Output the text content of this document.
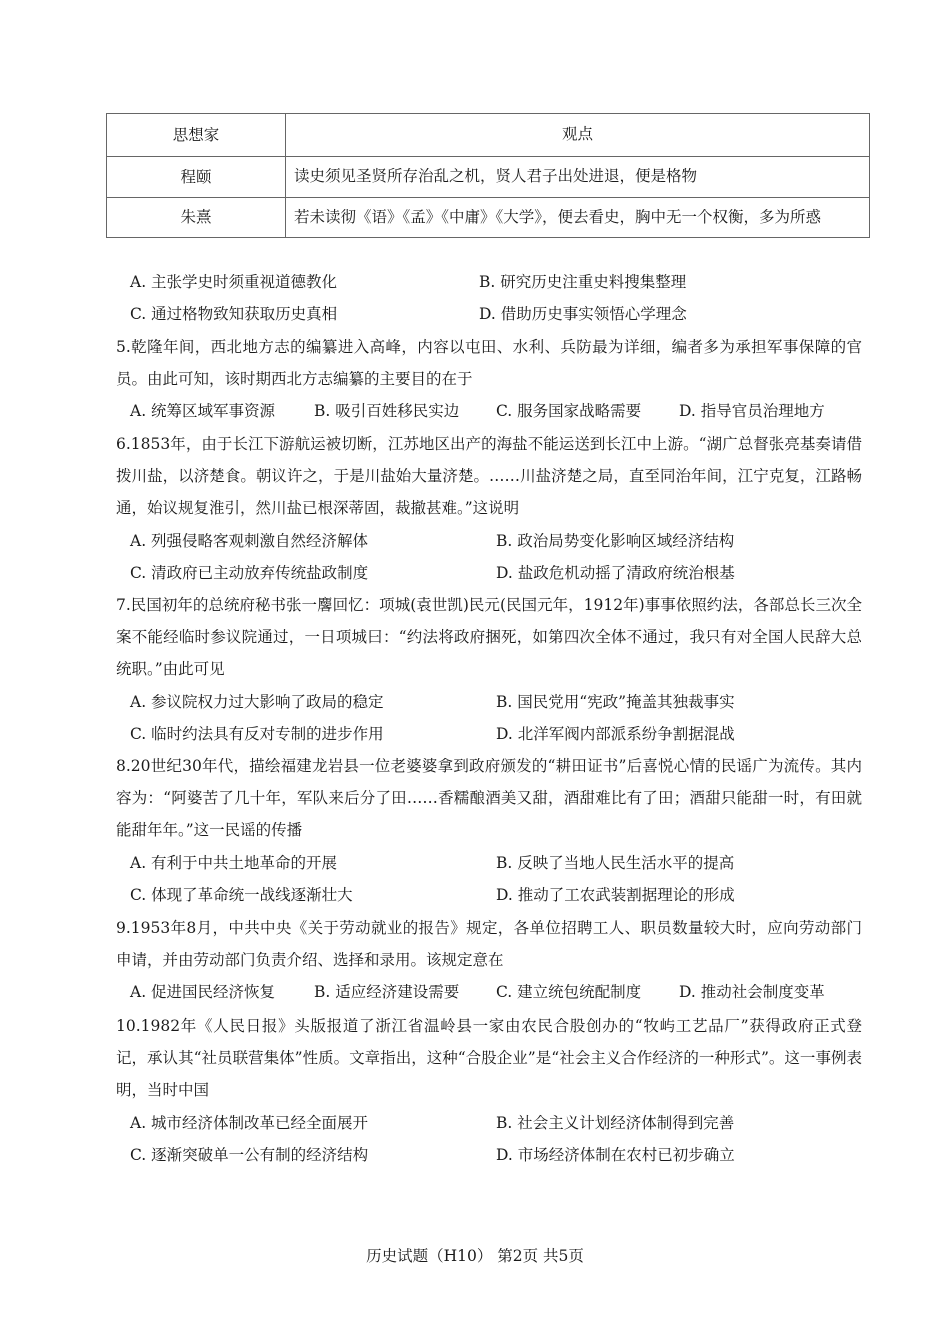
思想家	观点
程颐	读史须见圣贤所存治乱之机，贤人君子出处进退，便是格物
朱熹	若未读彻《语》《孟》《中庸》《大学》，便去看史，胸中无一个权衡，多为所惑
A. 主张学史时须重视道德教化	B. 研究历史注重史料搜集整理
C. 通过格物致知获取历史真相	D. 借助历史事实领悟心学理念
5.乾隆年间，西北地方志的编纂进入高峰，内容以屯田、水利、兵防最为详细，编者多为承担军事保障的官员。由此可知，该时期西北方志编纂的主要目的在于
A. 统筹区域军事资源	B. 吸引百姓移民实边 C. 服务国家战略需要 D. 指导官员治理地方
6.1853年，由于长江下游航运被切断，江苏地区出产的海盐不能运送到长江中上游。“湖广总督张亮基奏请借拨川盐，以济楚食。朝议许之，于是川盐始大量济楚。……川盐济楚之局，直至同治年间，江宁克复，江路畅通，始议规复淮引，然川盐已根深蒂固，裁撤甚难。”这说明
A. 列强侵略客观刺激自然经济解体	B. 政治局势变化影响区域经济结构
C. 清政府已主动放弃传统盐政制度	D. 盐政危机动摇了清政府统治根基
7.民国初年的总统府秘书张一麐回忆：项城(袁世凯)民元(民国元年，1912年)事事依照约法，各部总长三次全案不能经临时参议院通过，一日项城曰：“约法将政府捆死，如第四次全体不通过，我只有对全国人民辞大总统职。”由此可见
A. 参议院权力过大影响了政局的稳定	B. 国民党用“宪政”掩盖其独裁事实
C. 临时约法具有反对专制的进步作用	D. 北洋军阀内部派系纷争割据混战
8.20世纪30年代，描绘福建龙岩县一位老婆婆拿到政府颁发的“耕田证书”后喜悦心情的民谣广为流传。其内容为：“阿婆苦了几十年，军队来后分了田……香糯酿酒美又甜，酒甜难比有了田；酒甜只能甜一时，有田就能甜年年。”这一民谣的传播
A. 有利于中共土地革命的开展	B. 反映了当地人民生活水平的提高
C. 体现了革命统一战线逐渐壮大	D. 推动了工农武装割据理论的形成
9.1953年8月，中共中央《关于劳动就业的报告》规定，各单位招聘工人、职员数量较大时，应向劳动部门申请，并由劳动部门负责介绍、选择和录用。该规定意在
A. 促进国民经济恢复	B. 适应经济建设需要 C. 建立统包统配制度 D. 推动社会制度变革
10.1982年《人民日报》头版报道了浙江省温岭县一家由农民合股创办的“牧屿工艺品厂”获得政府正式登记，承认其“社员联营集体”性质。文章指出，这种“合股企业”是“社会主义合作经济的一种形式”。这一事例表明，当时中国
A. 城市经济体制改革已经全面展开	B. 社会主义计划经济体制得到完善
C. 逐渐突破单一公有制的经济结构	D. 市场经济体制在农村已初步确立
历史试题（H10） 第2页 共5页
